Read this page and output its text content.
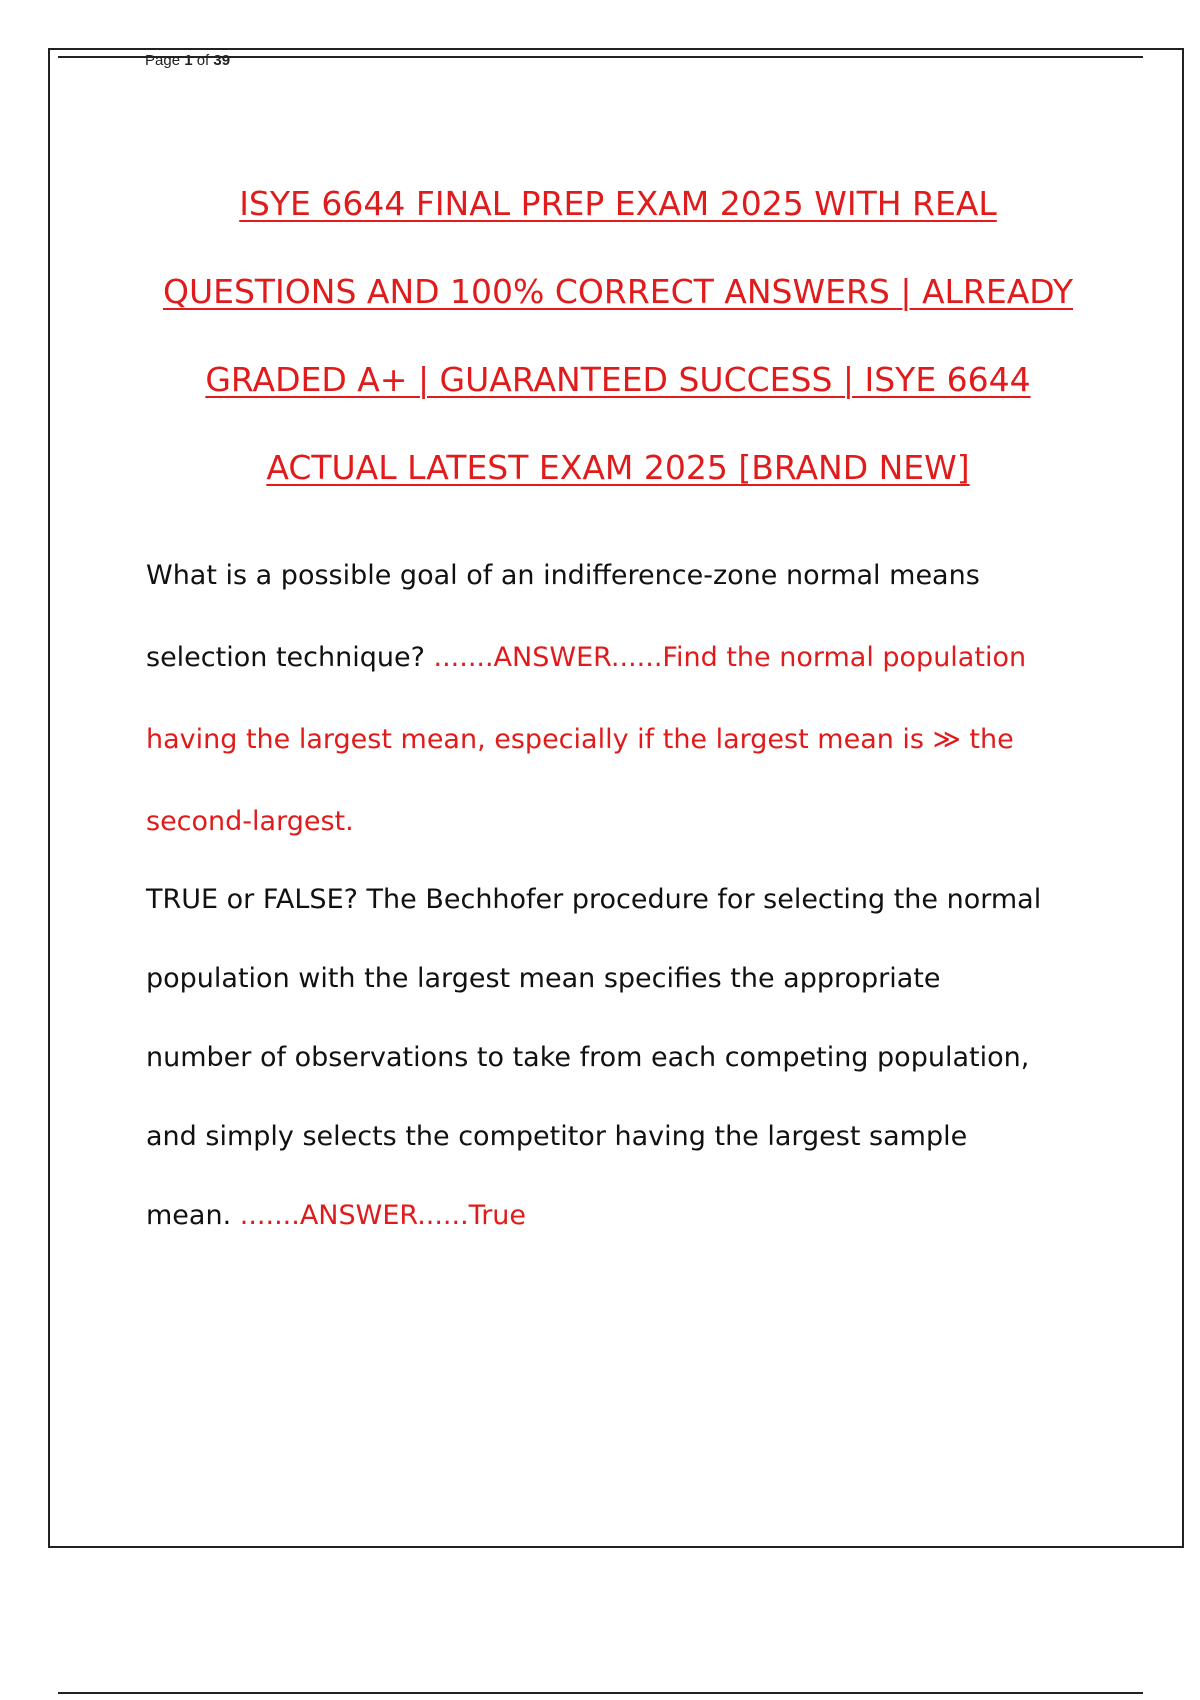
Page 1 of 39
ISYE 6644 FINAL PREP EXAM 2025 WITH REAL
QUESTIONS AND 100% CORRECT ANSWERS | ALREADY
GRADED A+ | GUARANTEED SUCCESS | ISYE 6644
ACTUAL LATEST EXAM 2025 [BRAND NEW]
What is a possible goal of an indifference-zone normal means
selection technique? .......ANSWER......Find the normal population
having the largest mean, especially if the largest mean is ≫ the
second-largest.
TRUE or FALSE? The Bechhofer procedure for selecting the normal
population with the largest mean specifies the appropriate
number of observations to take from each competing population,
and simply selects the competitor having the largest sample
mean. .......ANSWER......True
